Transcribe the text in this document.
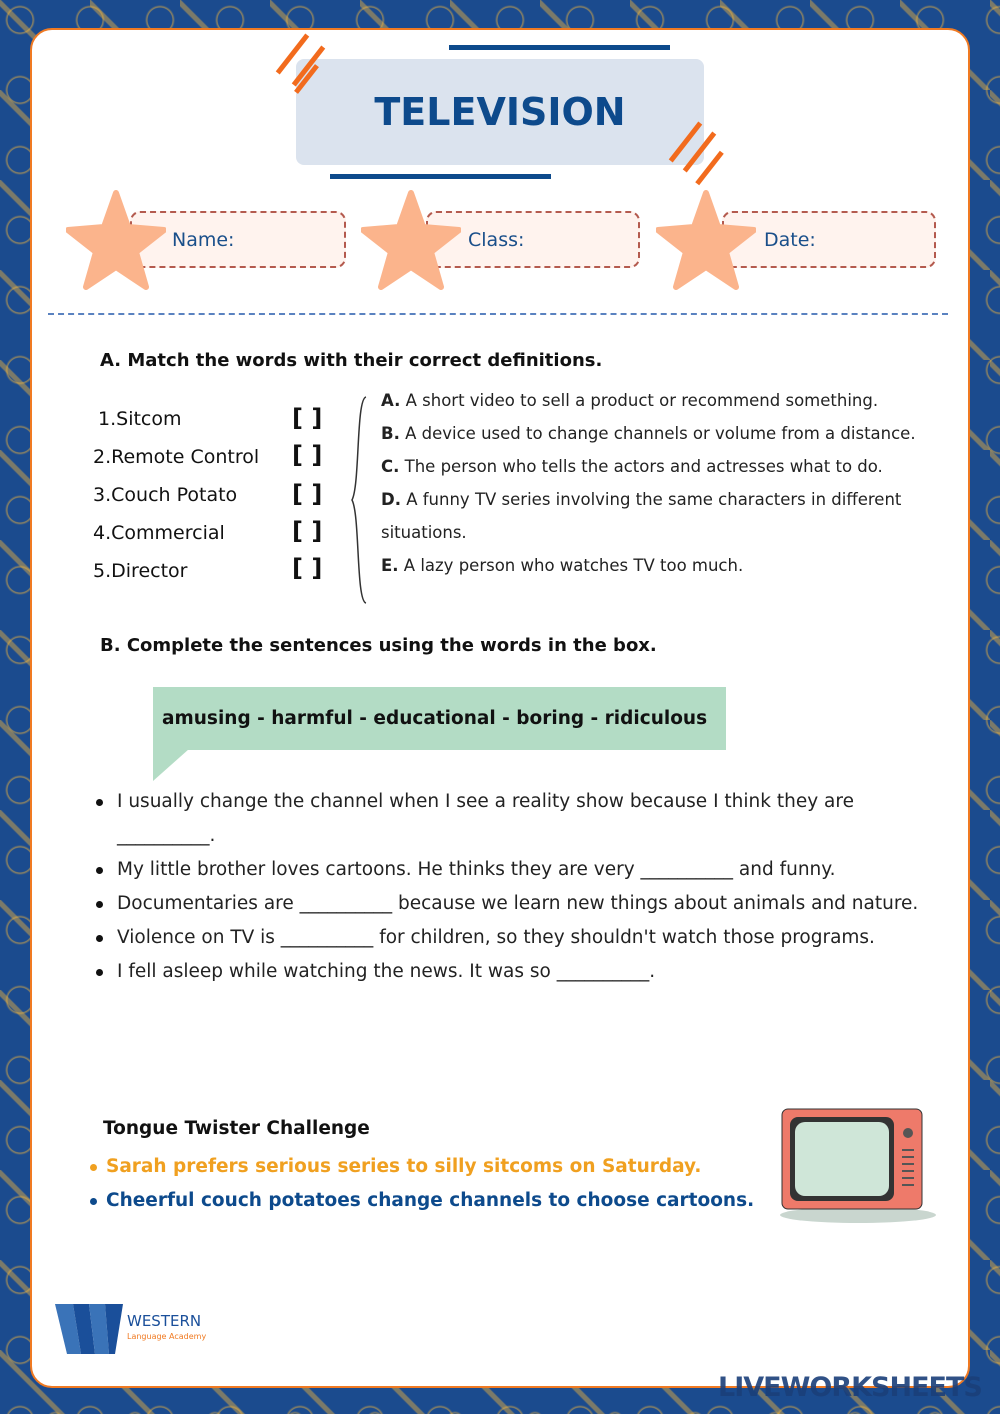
TELEVISION
Name:	Class:	Date:
A. Match the words with their correct definitions.
1.Sitcom
2.Remote Control
3.Couch Potato
4.Commercial
5.Director
[ ]
[ ]
[ ]
[ ]
[ ]
A. A short video to sell a product or recommend something.
B. A device used to change channels or volume from a distance.
C. The person who tells the actors and actresses what to do.
D. A funny TV series involving the same characters in different situations.
E. A lazy person who watches TV too much.
B. Complete the sentences using the words in the box.
amusing - harmful - educational - boring - ridiculous
I usually change the channel when I see a reality show because I think they are __________.
My little brother loves cartoons. He thinks they are very __________ and funny.
Documentaries are __________ because we learn new things about animals and nature.
Violence on TV is __________ for children, so they shouldn't watch those programs.
I fell asleep while watching the news. It was so __________.
Tongue Twister Challenge
Sarah prefers serious series to silly sitcoms on Saturday.
Cheerful couch potatoes change channels to choose cartoons.
WESTERN
Language Academy
LIVEWORKSHEETS
